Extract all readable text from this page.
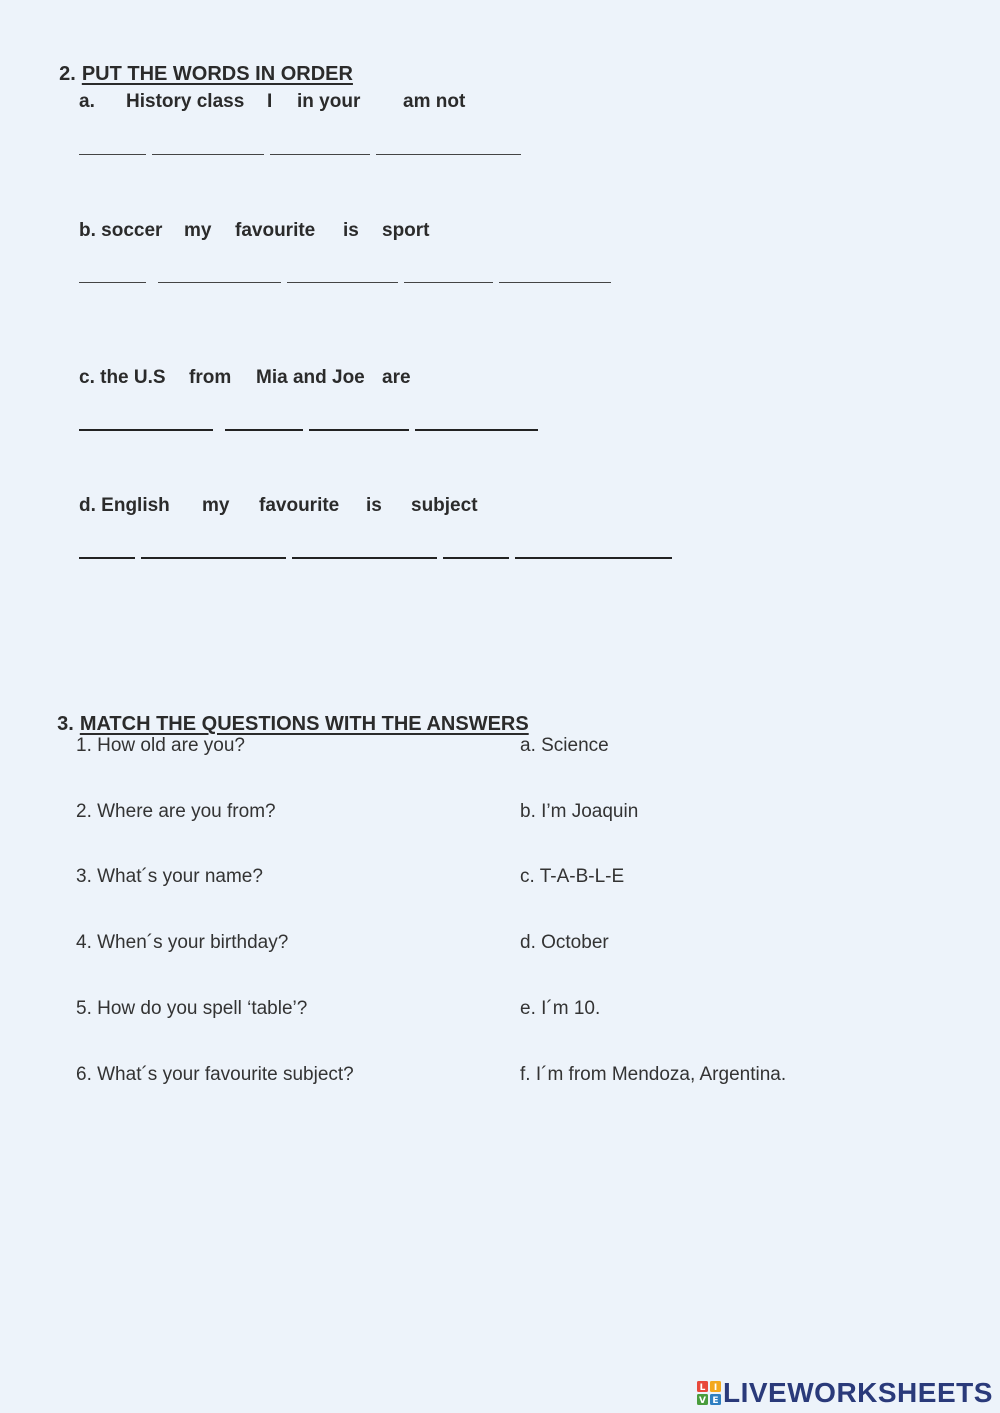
2. PUT THE WORDS IN ORDER

a. History class I in your am not
b. soccer my favourite is sport
c. the U.S from Mia and Joe are
d. English my favourite is subject

3. MATCH THE QUESTIONS WITH THE ANSWERS

1. How old are you?
2. Where are you from?
3. What´s your name?
4. When´s your birthday?
5. How do you spell ‘table’?
6. What´s your favourite subject?
a. Science
b. I’m Joaquin
c. T-A-B-L-E
d. October
e. I´m 10.
f. I´m from Mendoza, Argentina.
L I
V E LIVEWORKSHEETS
